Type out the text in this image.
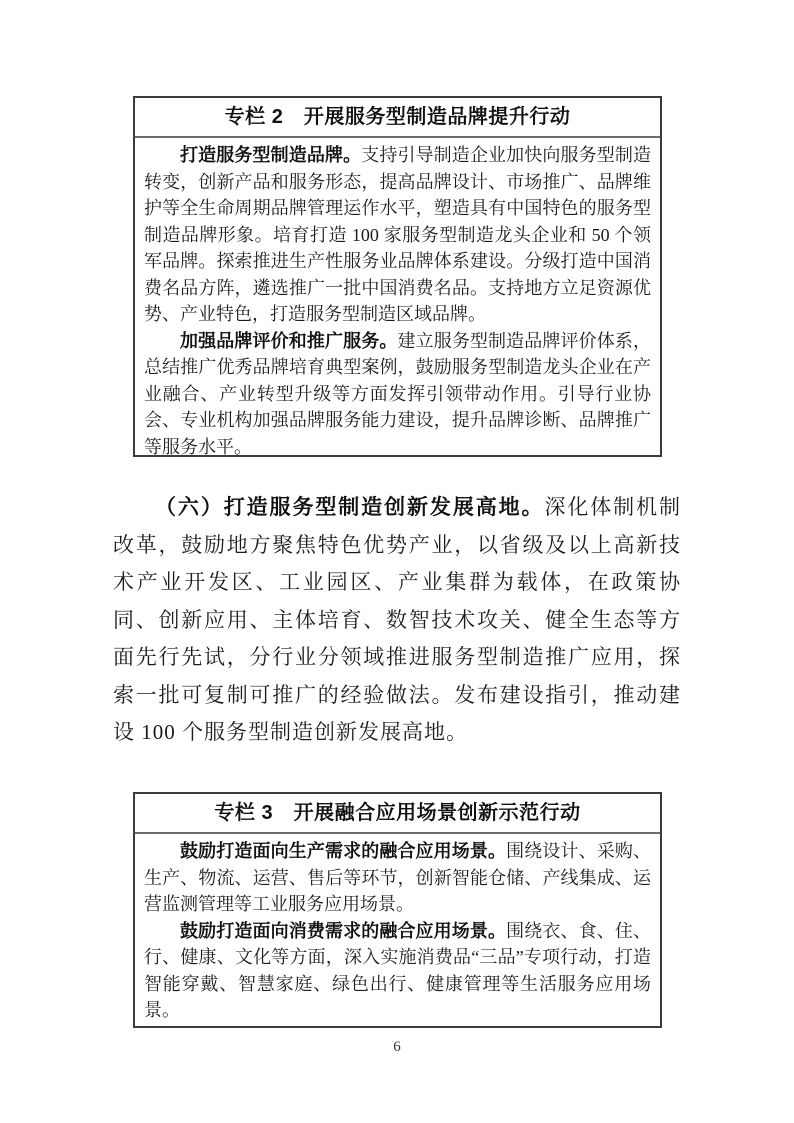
专栏 2　开展服务型制造品牌提升行动

打造服务型制造品牌。支持引导制造企业加快向服务型制造转变，创新产品和服务形态，提高品牌设计、市场推广、品牌维护等全生命周期品牌管理运作水平，塑造具有中国特色的服务型制造品牌形象。培育打造 100 家服务型制造龙头企业和 50 个领军品牌。探索推进生产性服务业品牌体系建设。分级打造中国消费名品方阵，遴选推广一批中国消费名品。支持地方立足资源优势、产业特色，打造服务型制造区域品牌。

加强品牌评价和推广服务。建立服务型制造品牌评价体系，总结推广优秀品牌培育典型案例，鼓励服务型制造龙头企业在产业融合、产业转型升级等方面发挥引领带动作用。引导行业协会、专业机构加强品牌服务能力建设，提升品牌诊断、品牌推广等服务水平。

（六）打造服务型制造创新发展高地。深化体制机制改革，鼓励地方聚焦特色优势产业，以省级及以上高新技术产业开发区、工业园区、产业集群为载体，在政策协同、创新应用、主体培育、数智技术攻关、健全生态等方面先行先试，分行业分领域推进服务型制造推广应用，探索一批可复制可推广的经验做法。发布建设指引，推动建设 100 个服务型制造创新发展高地。

专栏 3　开展融合应用场景创新示范行动

鼓励打造面向生产需求的融合应用场景。围绕设计、采购、生产、物流、运营、售后等环节，创新智能仓储、产线集成、运营监测管理等工业服务应用场景。

鼓励打造面向消费需求的融合应用场景。围绕衣、食、住、行、健康、文化等方面，深入实施消费品“三品”专项行动，打造智能穿戴、智慧家庭、绿色出行、健康管理等生活服务应用场景。

6
